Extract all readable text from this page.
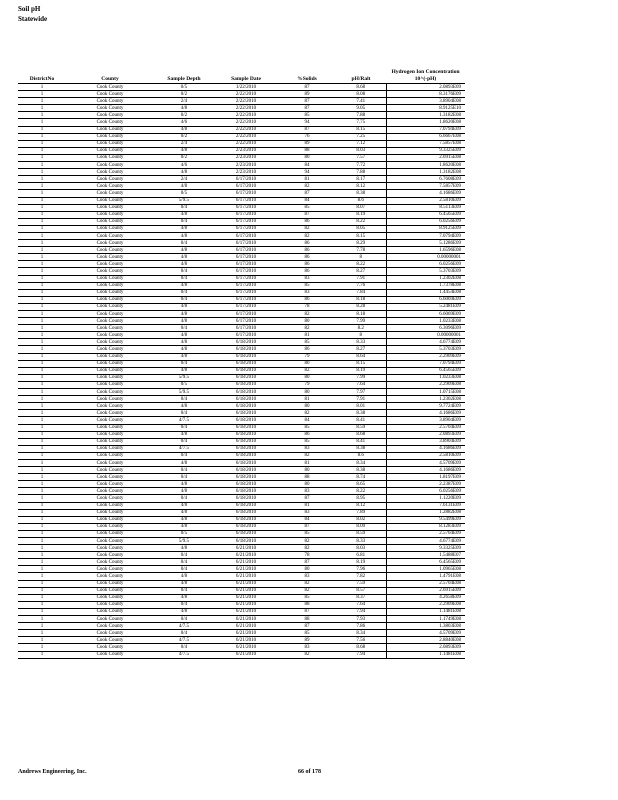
Soil pH
Statewide
DistrictNo	County	Sample Depth	Sample Date	%Solids	pH/Ralt	Hydrogen Ion Concentration 10^(-pH)
1	Cook County	0/5	1/22/2010	87	8.68	2.0893E09
1	Cook County	0/2	2/22/2010	89	8.08	8.3176E09
1	Cook County	2/4	2/22/2010	87	7.41	3.8904E08
1	Cook County	4/8	2/22/2010	87	9.05	8.9125E10
1	Cook County	0/2	2/22/2010	85	7.88	1.3182E08
1	Cook County	4/6	2/22/2010	94	7.75	1.8620E08
1	Cook County	4/8	2/22/2010	87	8.15	7.0794E09
1	Cook County	0/2	2/22/2010	76	7.25	6.6667E08
1	Cook County	2/4	2/22/2010	89	7.12	7.5857E08
1	Cook County	4/8	2/23/2010	88	8.03	9.3325E09
1	Cook County	0/2	2/23/2010	80	7.57	2.6915E08
1	Cook County	4/6	2/23/2010	84	7.72	1.8620E08
1	Cook County	4/8	2/23/2010	94	7.88	1.3182E08
1	Cook County	2/4	6/17/2010	81	8.17	6.7608E09
1	Cook County	4/8	6/17/2010	82	8.12	7.5857E09
1	Cook County	0/5	6/17/2010	87	8.38	4.1686E09
1	Cook County	5/9.5	6/17/2010	84	8.6	2.5810E09
1	Cook County	0/4	6/17/2010	85	8.07	8.5113E09
1	Cook County	4/8	6/17/2010	87	8.19	6.4565E09
1	Cook County	0/4	6/17/2010	86	8.22	6.0256E09
1	Cook County	4/8	6/17/2010	82	8.05	8.9125E09
1	Cook County	4/8	6/17/2010	82	8.15	7.0794E09
1	Cook County	0/4	6/17/2010	86	8.29	5.1286E09
1	Cook County	4/8	6/17/2010	86	7.78	1.6596E08
1	Cook County	4/8	6/17/2010	86	8	0.00000001
1	Cook County	4/8	6/17/2010	86	8.22	6.0256E09
1	Cook County	0/4	6/17/2010	86	8.27	5.3703E09
1	Cook County	0/4	6/17/2010	83	7.91	1.2302E08
1	Cook County	4/8	6/17/2010	85	7.76	1.7378E08
1	Cook County	0/4	6/17/2010	83	7.84	1.4454E08
1	Cook County	0/4	6/17/2010	86	8.18	6.6069E09
1	Cook County	4/8	6/17/2010	78	8.28	5.2481E09
1	Cook County	4/8	6/17/2010	82	8.18	6.6069E09
1	Cook County	4/8	6/17/2010	80	7.99	1.0233E08
1	Cook County	0/4	6/17/2010	82	8.2	6.3096E09
1	Cook County	4/8	6/17/2010	81	8	0.00000001
1	Cook County	4/8	6/18/2010	85	8.33	4.6774E09
1	Cook County	4/8	6/18/2010	86	8.27	5.3703E09
1	Cook County	4/8	6/18/2010	79	8.64	2.2909E09
1	Cook County	0/4	6/18/2010	80	8.15	7.0794E09
1	Cook County	4/8	6/18/2010	82	8.19	6.4565E09
1	Cook County	5/9.5	6/18/2010	80	7.99	1.0233E08
1	Cook County	0/5	6/18/2010	79	7.64	2.2909E08
1	Cook County	5/9.5	6/18/2010	80	7.97	1.0715E08
1	Cook County	0/4	6/18/2010	81	7.91	1.2302E08
1	Cook County	4/8	6/18/2010	80	8.01	9.7724E09
1	Cook County	0/4	6/18/2010	82	8.38	4.1686E09
1	Cook County	4/7.5	6/18/2010	84	8.41	3.8904E09
1	Cook County	0/4	6/18/2010	85	8.59	2.5704E09
1	Cook County	4/8	6/18/2010	86	8.68	2.0893E09
1	Cook County	0/4	6/18/2010	85	8.41	3.8904E09
1	Cook County	4/7.5	6/18/2010	83	8.38	4.1686E09
1	Cook County	0/4	6/18/2010	82	8.6	2.5810E09
1	Cook County	4/8	6/18/2010	81	8.34	4.5709E09
1	Cook County	0/4	6/18/2010	80	8.38	4.1686E09
1	Cook County	0/4	6/18/2010	88	8.74	1.8197E09
1	Cook County	4/8	6/18/2010	80	8.65	2.2387E09
1	Cook County	4/8	6/18/2010	83	8.22	6.0256E09
1	Cook County	0/4	6/18/2010	87	8.95	1.1220E09
1	Cook County	4/8	6/18/2010	81	8.12	7.6131E09
1	Cook County	4/8	6/18/2010	83	7.89	1.2882E08
1	Cook County	4/8	6/18/2010	84	8.02	9.5499E09
1	Cook County	4/8	6/18/2010	87	8.09	8.1283E09
1	Cook County	0/5	6/18/2010	85	8.59	2.5704E09
1	Cook County	5/9.5	6/18/2010	82	8.33	4.6774E09
1	Cook County	4/8	6/21/2010	82	8.03	9.3325E09
1	Cook County	0/4	6/21/2010	78	6.81	1.5488E07
1	Cook County	0/4	6/21/2010	87	8.19	6.4565E09
1	Cook County	0/4	6/21/2010	80	7.96	1.0965E08
1	Cook County	4/8	6/21/2010	83	7.82	1.4791E08
1	Cook County	4/8	6/21/2010	82	7.59	2.5704E08
1	Cook County	0/4	6/21/2010	82	8.57	2.6915E09
1	Cook County	4/8	6/21/2010	85	8.37	4.2658E09
1	Cook County	0/4	6/21/2010	88	7.64	2.2909E08
1	Cook County	4/8	6/21/2010	87	7.94	1.1481E08
1	Cook County	0/4	6/21/2010	88	7.93	1.1749E08
1	Cook County	4/7.5	6/21/2010	87	7.86	1.3803E08
1	Cook County	0/4	6/21/2010	85	8.34	4.5709E09
1	Cook County	4/7.5	6/21/2010	89	7.56	2.8840E08
1	Cook County	0/4	6/21/2010	83	8.68	2.0893E09
1	Cook County	4/7.5	6/21/2010	82	7.94	1.1481E08
Andrews Engineering, Inc.	66 of 178
